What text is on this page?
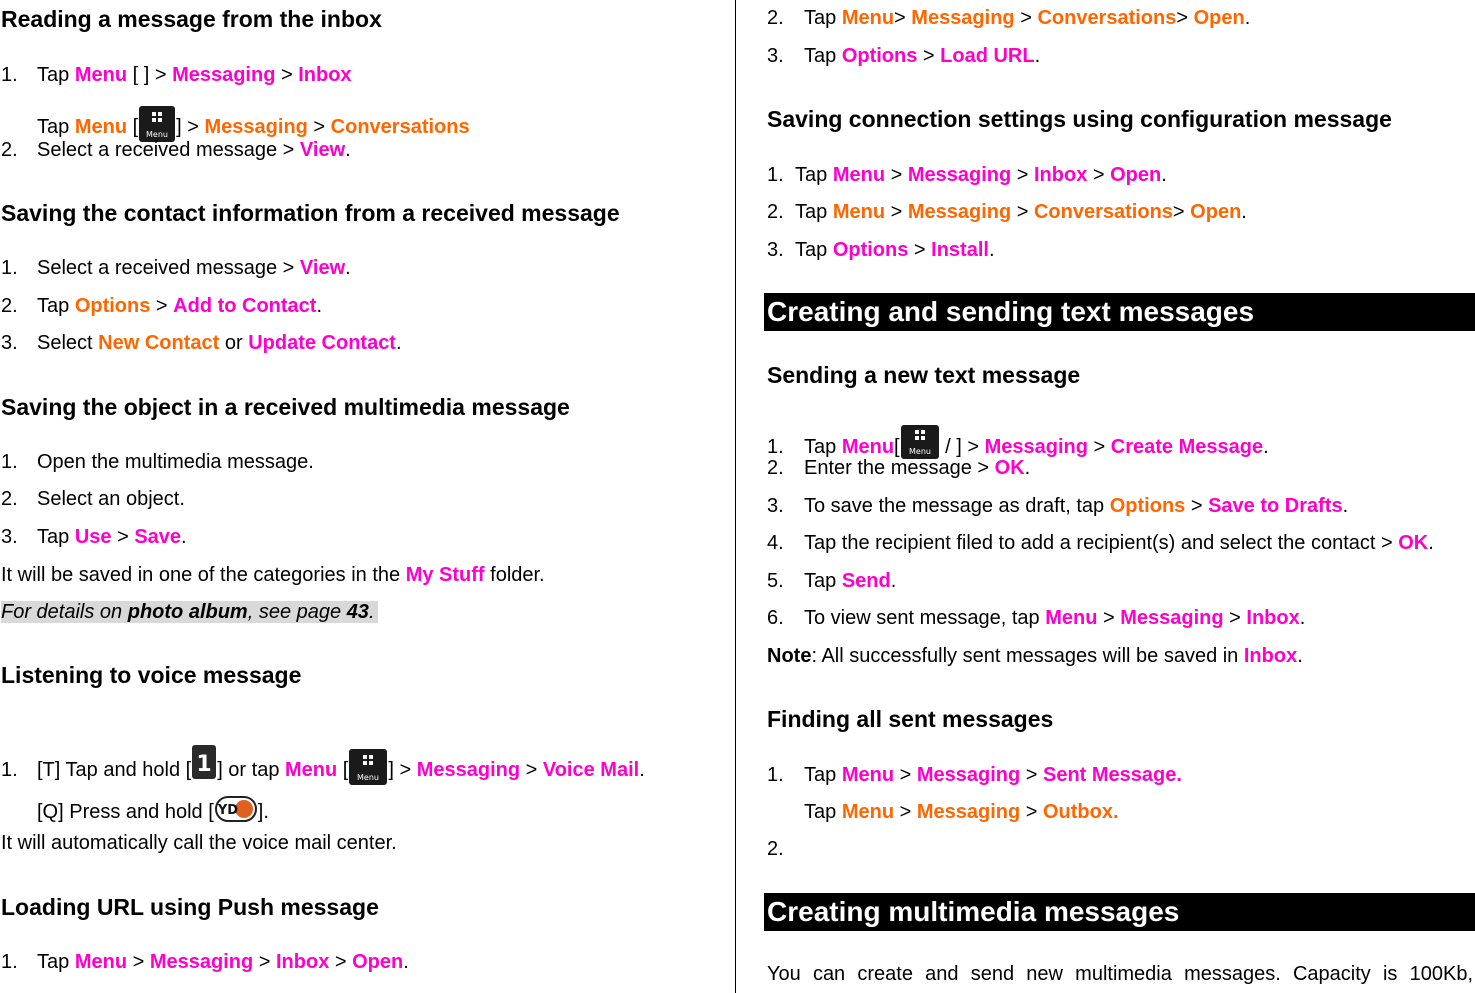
Reading a message from the inbox
1. Tap Menu [ ] > Messaging > Inbox
Tap Menu [ Menu ] > Messaging > Conversations
2. Select a received message > View.
Saving the contact information from a received message
1. Select a received message > View.
2. Tap Options > Add to Contact.
3. Select New Contact or Update Contact.
Saving the object in a received multimedia message
1. Open the multimedia message.
2. Select an object.
3. Tap Use > Save.
It will be saved in one of the categories in the My Stuff folder.
For details on photo album, see page 43.
Listening to voice message
1. [T] Tap and hold [ 1 ] or tap Menu [ Menu ] > Messaging > Voice Mail.
[Q] Press and hold [ YD ].
It will automatically call the voice mail center.
Loading URL using Push message
1. Tap Menu > Messaging > Inbox > Open.
2. Tap Menu> Messaging > Conversations> Open.
3. Tap Options > Load URL.
Saving connection settings using configuration message
1. Tap Menu > Messaging > Inbox > Open.
2. Tap Menu > Messaging > Conversations> Open.
3. Tap Options > Install.
Creating and sending text messages
Sending a new text message
1. Tap Menu[ Menu / ] > Messaging > Create Message.
2. Enter the message > OK.
3. To save the message as draft, tap Options > Save to Drafts.
4. Tap the recipient filed to add a recipient(s) and select the contact > OK.
5. Tap Send.
6. To view sent message, tap Menu > Messaging > Inbox.
Note: All successfully sent messages will be saved in Inbox.
Finding all sent messages
1. Tap Menu > Messaging > Sent Message.
Tap Menu > Messaging > Outbox.
2.
Creating multimedia messages
You can create and send new multimedia messages. Capacity is 100Kb,
